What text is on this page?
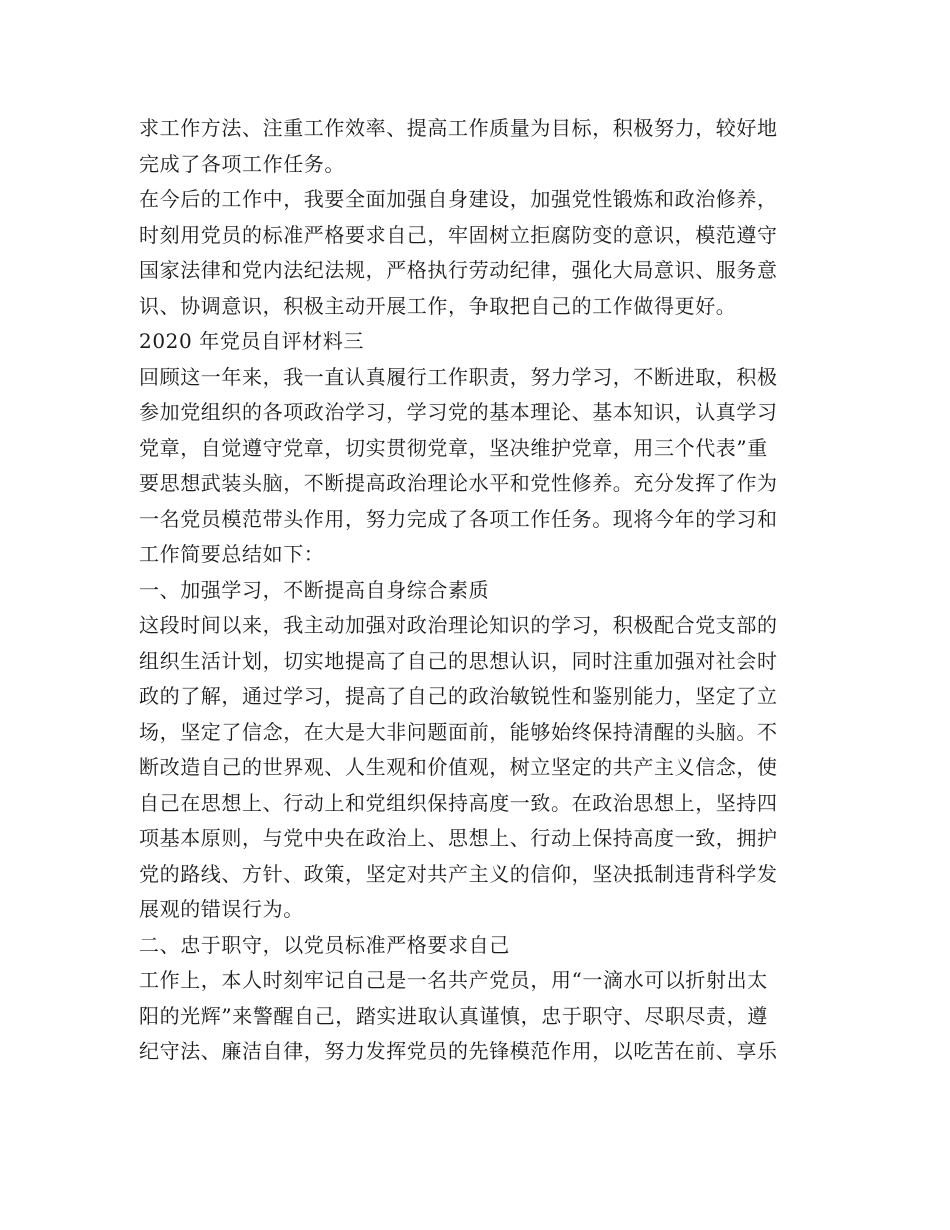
求工作方法、注重工作效率、提高工作质量为目标，积极努力，较好地
完成了各项工作任务。
在今后的工作中，我要全面加强自身建设，加强党性锻炼和政治修养，
时刻用党员的标准严格要求自己，牢固树立拒腐防变的意识，模范遵守
国家法律和党内法纪法规，严格执行劳动纪律，强化大局意识、服务意
识、协调意识，积极主动开展工作，争取把自己的工作做得更好。
2020 年党员自评材料三
回顾这一年来，我一直认真履行工作职责，努力学习，不断进取，积极
参加党组织的各项政治学习，学习党的基本理论、基本知识，认真学习
党章，自觉遵守党章，切实贯彻党章，坚决维护党章，用三个代表”重
要思想武装头脑，不断提高政治理论水平和党性修养。充分发挥了作为
一名党员模范带头作用，努力完成了各项工作任务。现将今年的学习和
工作简要总结如下：
一、加强学习，不断提高自身综合素质
这段时间以来，我主动加强对政治理论知识的学习，积极配合党支部的
组织生活计划，切实地提高了自己的思想认识，同时注重加强对社会时
政的了解，通过学习，提高了自己的政治敏锐性和鉴别能力，坚定了立
场，坚定了信念，在大是大非问题面前，能够始终保持清醒的头脑。不
断改造自己的世界观、人生观和价值观，树立坚定的共产主义信念，使
自己在思想上、行动上和党组织保持高度一致。在政治思想上，坚持四
项基本原则，与党中央在政治上、思想上、行动上保持高度一致，拥护
党的路线、方针、政策，坚定对共产主义的信仰，坚决抵制违背科学发
展观的错误行为。
二、忠于职守，以党员标准严格要求自己
工作上，本人时刻牢记自己是一名共产党员，用“一滴水可以折射出太
阳的光辉”来警醒自己，踏实进取认真谨慎，忠于职守、尽职尽责，遵
纪守法、廉洁自律，努力发挥党员的先锋模范作用，以吃苦在前、享乐
